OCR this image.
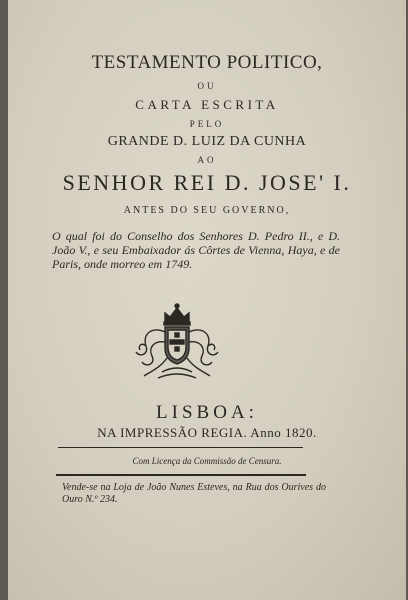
TESTAMENTO POLITICO,
OU
CARTA ESCRITA
PELO
GRANDE D. LUIZ DA CUNHA
AO
SENHOR REI D. JOSE' I.
ANTES DO SEU GOVERNO,
O qual foi do Conselho dos Senhores D. Pedro II., e D. João V., e seu Embaixador ás Côrtes de Vienna, Haya, e de Paris, onde morreo em 1749.
LISBOA:
NA IMPRESSÃO REGIA. Anno 1820.
Com Licença da Commissão de Censura.
Vende-se na Loja de João Nunes Esteves, na Rua dos Ourives do Ouro N.º 234.
